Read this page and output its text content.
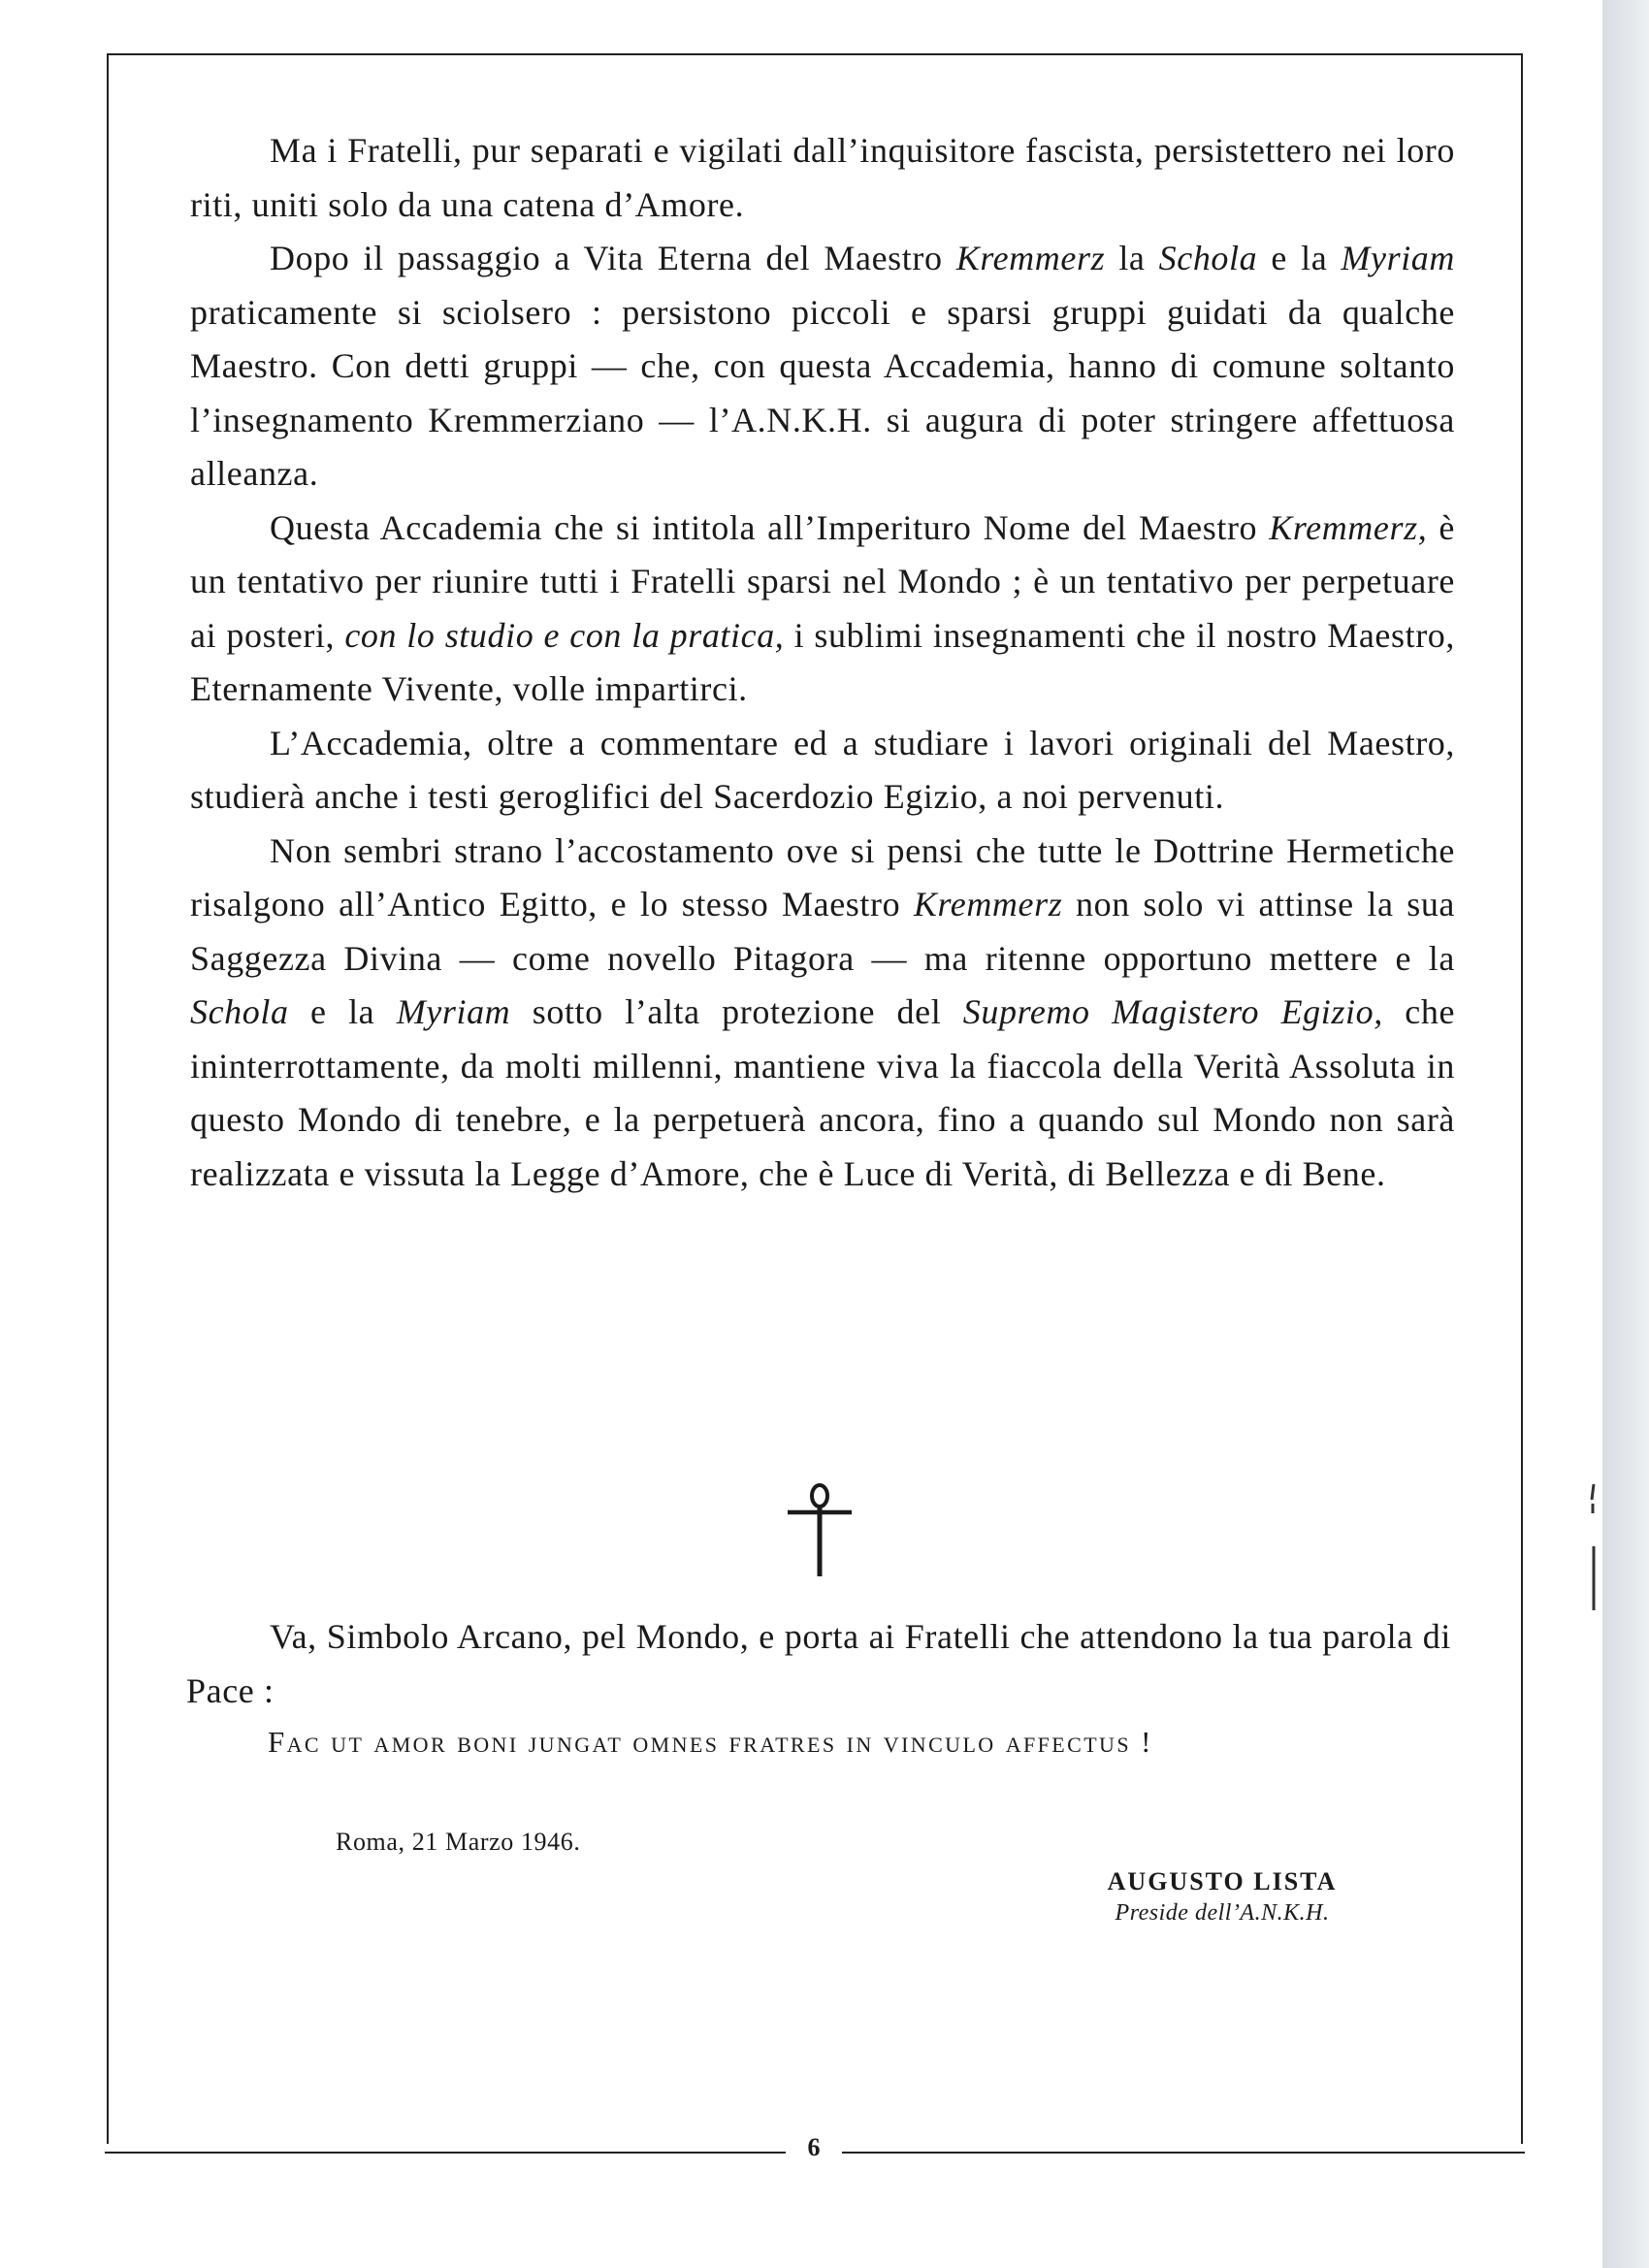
Ma i Fratelli, pur separati e vigilati dall’inquisitore fascista, persistettero nei loro riti, uniti solo da una catena d’Amore.

Dopo il passaggio a Vita Eterna del Maestro Kremmerz la Schola e la Myriam praticamente si sciolsero : persistono piccoli e sparsi gruppi guidati da qualche Maestro. Con detti gruppi — che, con questa Accademia, hanno di comune soltanto l’insegnamento Kremmerziano — l’A.N.K.H. si augura di poter stringere affettuosa alleanza.

Questa Accademia che si intitola all’Imperituro Nome del Maestro Kremmerz, è un tentativo per riunire tutti i Fratelli sparsi nel Mondo ; è un tentativo per perpetuare ai posteri, con lo studio e con la pratica, i sublimi insegnamenti che il nostro Maestro, Eternamente Vivente, volle impartirci.

L’Accademia, oltre a commentare ed a studiare i lavori originali del Maestro, studierà anche i testi geroglifici del Sacerdozio Egizio, a noi pervenuti.

Non sembri strano l’accostamento ove si pensi che tutte le Dottrine Hermetiche risalgono all’Antico Egitto, e lo stesso Maestro Kremmerz non solo vi attinse la sua Saggezza Divina — come novello Pitagora — ma ritenne opportuno mettere e la Schola e la Myriam sotto l’alta protezione del Supremo Magistero Egizio, che ininterrottamente, da molti millenni, mantiene viva la fiaccola della Verità Assoluta in questo Mondo di tenebre, e la perpetuerà ancora, fino a quando sul Mondo non sarà realizzata e vissuta la Legge d’Amore, che è Luce di Verità, di Bellezza e di Bene.

Va, Simbolo Arcano, pel Mondo, e porta ai Fratelli che attendono la tua parola di Pace :

Fac ut amor boni jungat omnes fratres in vinculo affectus !
Roma, 21 Marzo 1946.
AUGUSTO LISTA
Preside dell’A.N.K.H.
6
